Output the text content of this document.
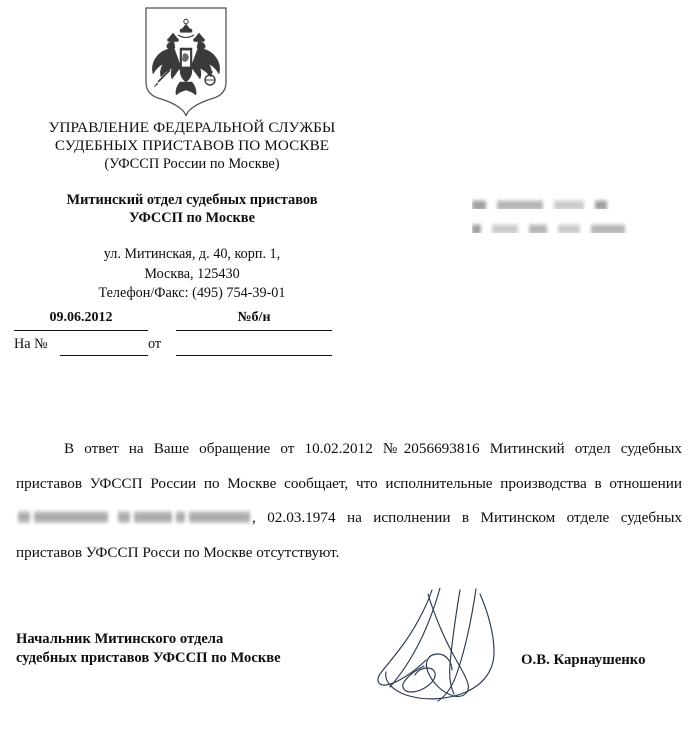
УПРАВЛЕНИЕ ФЕДЕРАЛЬНОЙ СЛУЖБЫ
СУДЕБНЫХ ПРИСТАВОВ ПО МОСКВЕ
(УФССП России по Москве)
Митинский отдел судебных приставов
УФССП по Москве
ул. Митинская, д. 40, корп. 1,
Москва, 125430
Телефон/Факс: (495) 754-39-01

09.06.2012	№б/н
На №	от

В ответ на Ваше обращение от 10.02.2012 №2056693816 Митинский отдел судебных приставов УФССП России по Москве сообщает, что исполнительные производства в отношении
, 02.03.1974 на исполнении в Митинском отделе судебных приставов УФССП Росси по Москве отсутствуют.

Начальник Митинского отдела
судебных приставов УФССП по Москве	О.В. Карнаушенко
